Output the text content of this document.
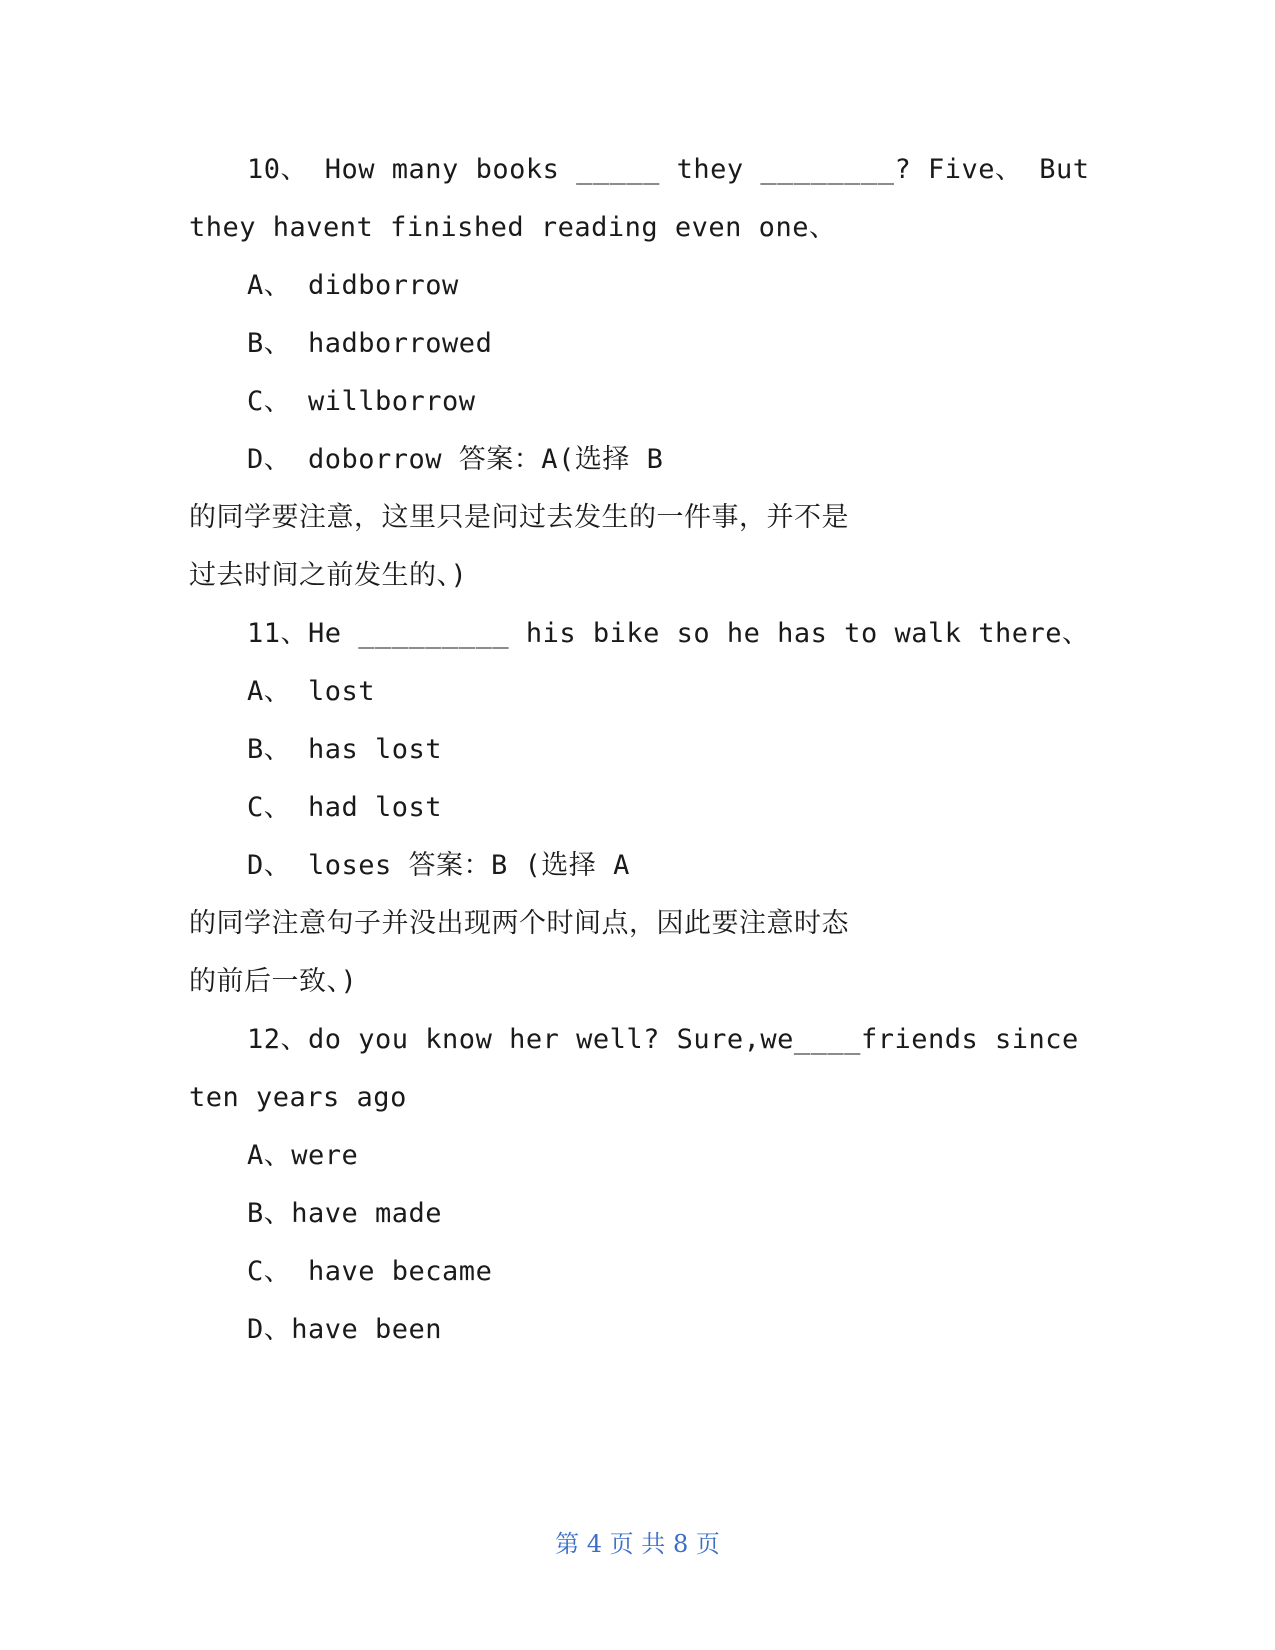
10、 How many books _____ they ________? Five、 But
they havent finished reading even one、
A、 didborrow
B、 hadborrowed
C、 willborrow
D、 doborrow 答案：A(选择 B
的同学要注意，这里只是问过去发生的一件事，并不是
过去时间之前发生的、)
11、He _________ his bike so he has to walk there、
A、 lost
B、 has lost
C、 had lost
D、 loses 答案：B (选择 A
的同学注意句子并没出现两个时间点，因此要注意时态
的前后一致、)
12、do you know her well? Sure,we____friends since
ten years ago
A、were
B、have made
C、 have became
D、have been
第 4 页 共 8 页
